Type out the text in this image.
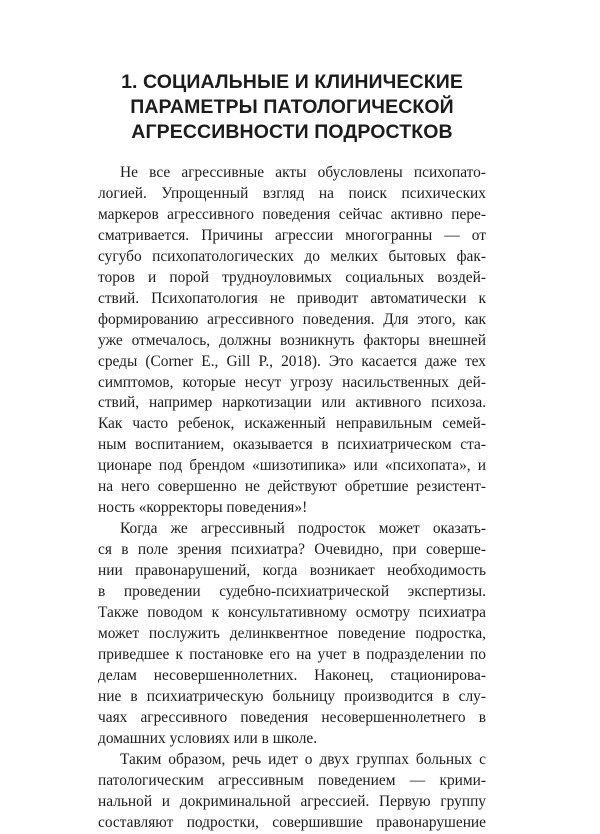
1. СОЦИАЛЬНЫЕ И КЛИНИЧЕСКИЕ
ПАРАМЕТРЫ ПАТОЛОГИЧЕСКОЙ
АГРЕССИВНОСТИ ПОДРОСТКОВ

Не все агрессивные акты обусловлены психопато-
логией. Упрощенный взгляд на поиск психических
маркеров агрессивного поведения сейчас активно пере-
сматривается. Причины агрессии многогранны — от
сугубо психопатологических до мелких бытовых фак-
торов и порой трудноуловимых социальных воздей-
ствий. Психопатология не приводит автоматически к
формированию агрессивного поведения. Для этого, как
уже отмечалось, должны возникнуть факторы внешней
среды (Corner E., Gill P., 2018). Это касается даже тех
симптомов, которые несут угрозу насильственных дей-
ствий, например наркотизации или активного психоза.
Как часто ребенок, искаженный неправильным семей-
ным воспитанием, оказывается в психиатрическом ста-
ционаре под брендом «шизотипика» или «психопата», и
на него совершенно не действуют обретшие резистент-
ность «корректоры поведения»!

Когда же агрессивный подросток может оказать-
ся в поле зрения психиатра? Очевидно, при соверше-
нии правонарушений, когда возникает необходимость
в проведении судебно-психиатрической экспертизы.
Также поводом к консультативному осмотру психиатра
может послужить делинквентное поведение подростка,
приведшее к постановке его на учет в подразделении по
делам несовершеннолетних. Наконец, стационирова-
ние в психиатрическую больницу производится в слу-
чаях агрессивного поведения несовершеннолетнего в
домашних условиях или в школе.

Таким образом, речь идет о двух группах больных с
патологическим агрессивным поведением — крими-
нальной и докриминальной агрессией. Первую группу
составляют подростки, совершившие правонарушение
